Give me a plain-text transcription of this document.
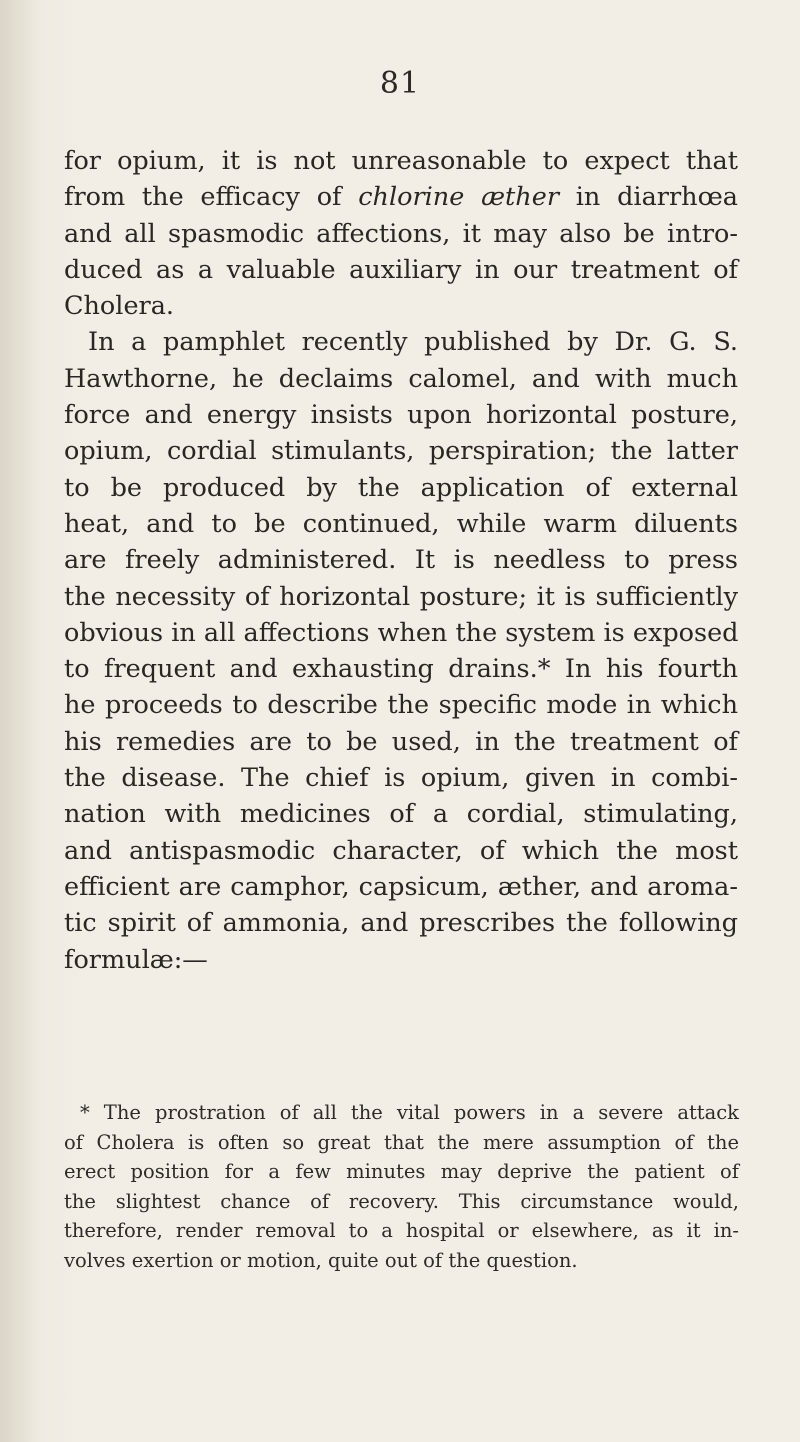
81
for opium, it is not unreasonable to expect that
from the efficacy of chlorine æther in diarrhœa
and all spasmodic affections, it may also be intro-
duced as a valuable auxiliary in our treatment of
Cholera.
In a pamphlet recently published by Dr. G. S.
Hawthorne, he declaims calomel, and with much
force and energy insists upon horizontal posture,
opium, cordial stimulants, perspiration; the latter
to be produced by the application of external
heat, and to be continued, while warm diluents
are freely administered. It is needless to press
the necessity of horizontal posture; it is sufficiently
obvious in all affections when the system is exposed
to frequent and exhausting drains.* In his fourth
he proceeds to describe the specific mode in which
his remedies are to be used, in the treatment of
the disease. The chief is opium, given in combi-
nation with medicines of a cordial, stimulating,
and antispasmodic character, of which the most
efficient are camphor, capsicum, æther, and aroma-
tic spirit of ammonia, and prescribes the following
formulæ:—
* The prostration of all the vital powers in a severe attack
of Cholera is often so great that the mere assumption of the
erect position for a few minutes may deprive the patient of
the slightest chance of recovery. This circumstance would,
therefore, render removal to a hospital or elsewhere, as it in-
volves exertion or motion, quite out of the question.
